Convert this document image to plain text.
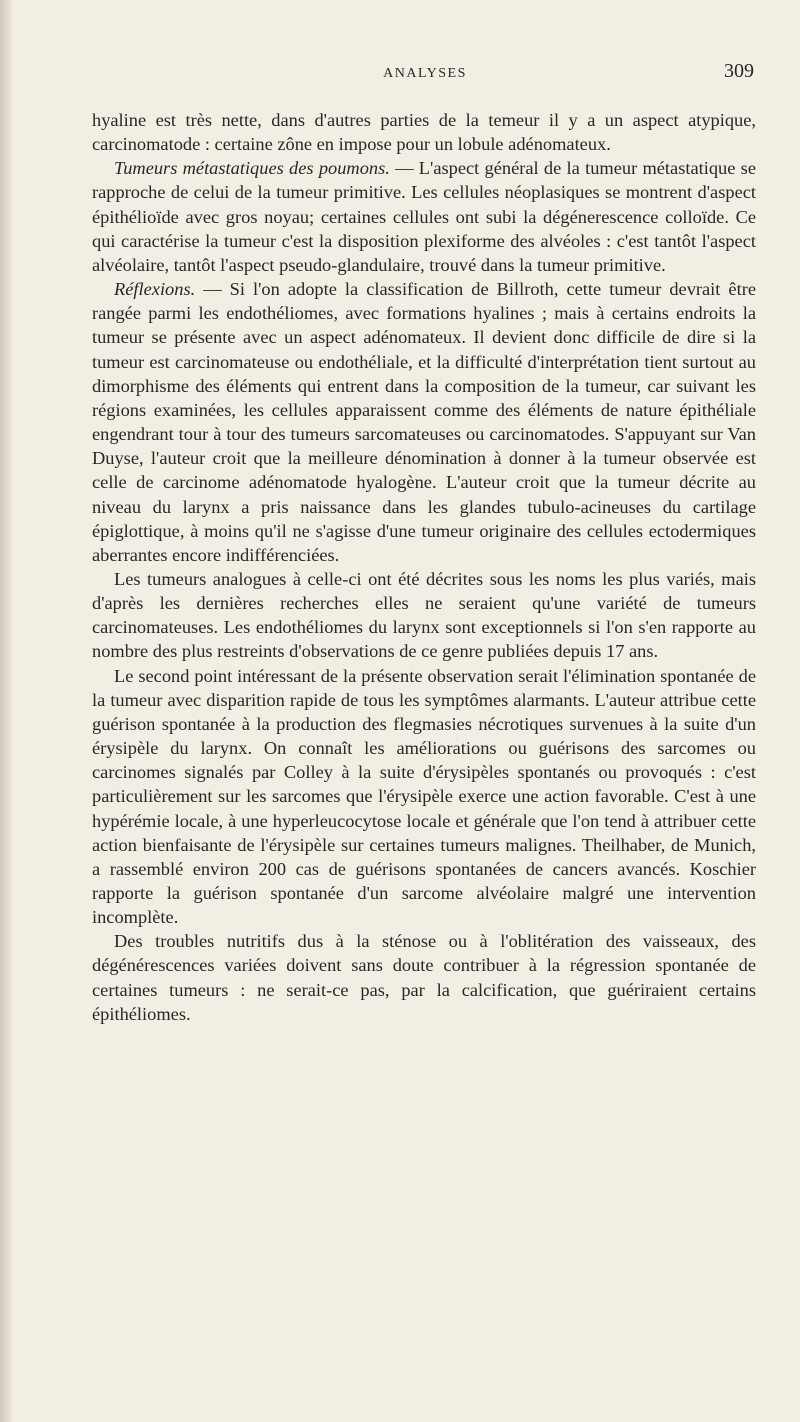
ANALYSES	309

hyaline est très nette, dans d'autres parties de la temeur il y a un aspect atypique, carcinomatode : certaine zône en impose pour un lobule adénomateux.

Tumeurs métastatiques des poumons. — L'aspect général de la tumeur métastatique se rapproche de celui de la tumeur primitive. Les cellules néoplasiques se montrent d'aspect épithélioïde avec gros noyau; certaines cellules ont subi la dégénerescence colloïde. Ce qui caractérise la tumeur c'est la disposition plexiforme des alvéoles : c'est tantôt l'aspect alvéolaire, tantôt l'aspect pseudo-glandulaire, trouvé dans la tumeur primitive.

Réflexions. — Si l'on adopte la classification de Billroth, cette tumeur devrait être rangée parmi les endothéliomes, avec formations hyalines ; mais à certains endroits la tumeur se présente avec un aspect adénomateux. Il devient donc difficile de dire si la tumeur est carcinomateuse ou endothéliale, et la difficulté d'interprétation tient surtout au dimorphisme des éléments qui entrent dans la composition de la tumeur, car suivant les régions examinées, les cellules apparaissent comme des éléments de nature épithéliale engendrant tour à tour des tumeurs sarcomateuses ou carcinomatodes. S'appuyant sur Van Duyse, l'auteur croit que la meilleure dénomination à donner à la tumeur observée est celle de carcinome adénomatode hyalogène. L'auteur croit que la tumeur décrite au niveau du larynx a pris naissance dans les glandes tubulo-acineuses du cartilage épiglottique, à moins qu'il ne s'agisse d'une tumeur originaire des cellules ectodermiques aberrantes encore indifférenciées.

Les tumeurs analogues à celle-ci ont été décrites sous les noms les plus variés, mais d'après les dernières recherches elles ne seraient qu'une variété de tumeurs carcinomateuses. Les endothéliomes du larynx sont exceptionnels si l'on s'en rapporte au nombre des plus restreints d'observations de ce genre publiées depuis 17 ans.

Le second point intéressant de la présente observation serait l'élimination spontanée de la tumeur avec disparition rapide de tous les symptômes alarmants. L'auteur attribue cette guérison spontanée à la production des flegmasies nécrotiques survenues à la suite d'un érysipèle du larynx. On connaît les améliorations ou guérisons des sarcomes ou carcinomes signalés par Colley à la suite d'érysipèles spontanés ou provoqués : c'est particulièrement sur les sarcomes que l'érysipèle exerce une action favorable. C'est à une hypérémie locale, à une hyperleucocytose locale et générale que l'on tend à attribuer cette action bienfaisante de l'érysipèle sur certaines tumeurs malignes. Theilhaber, de Munich, a rassemblé environ 200 cas de guérisons spontanées de cancers avancés. Koschier rapporte la guérison spontanée d'un sarcome alvéolaire malgré une intervention incomplète.

Des troubles nutritifs dus à la sténose ou à l'oblitération des vaisseaux, des dégénérescences variées doivent sans doute contribuer à la régression spontanée de certaines tumeurs : ne serait-ce pas, par la calcification, que guériraient certains épithéliomes.
